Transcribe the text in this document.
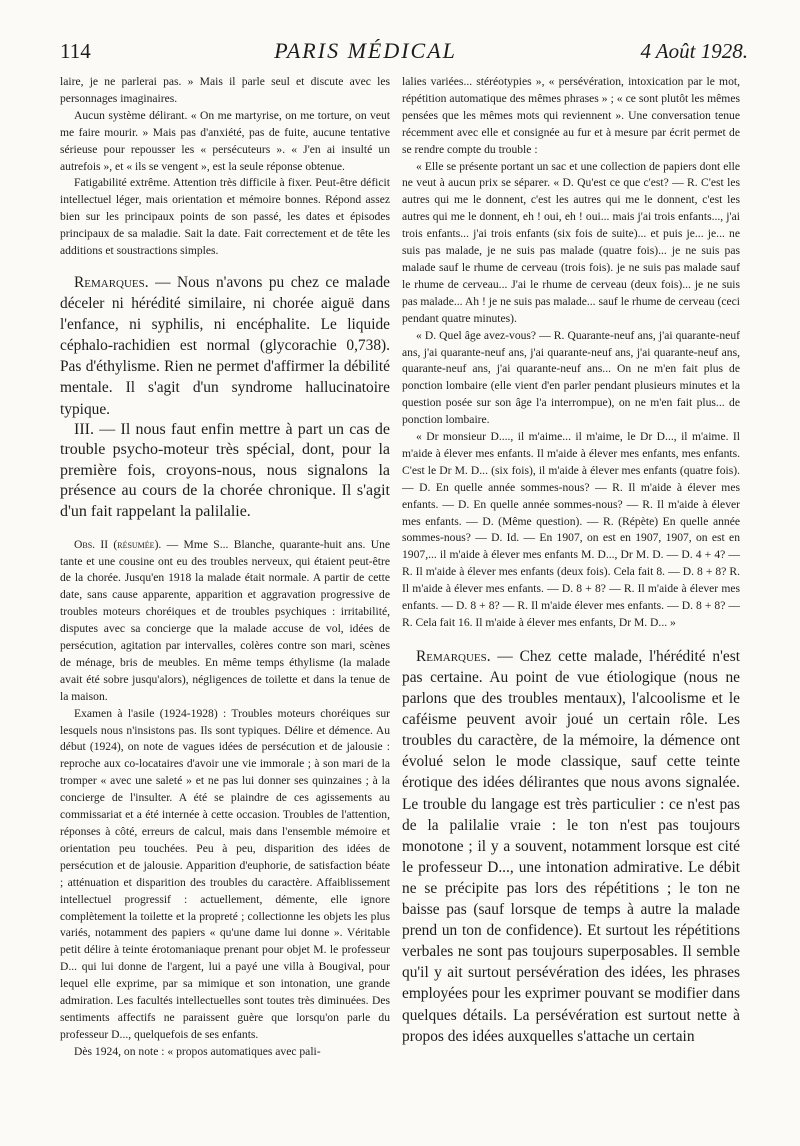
114	PARIS MÉDICAL	4 Août 1928.

laire, je ne parlerai pas. » Mais il parle seul et discute avec les personnages imaginaires.

Aucun système délirant. « On me martyrise, on me torture, on veut me faire mourir. » Mais pas d'anxiété, pas de fuite, aucune tentative sérieuse pour repousser les « persécuteurs ». « J'en ai insulté un autrefois », et « ils se vengent », est la seule réponse obtenue.

Fatigabilité extrême. Attention très difficile à fixer. Peut-être déficit intellectuel léger, mais orientation et mémoire bonnes. Répond assez bien sur les principaux points de son passé, les dates et épisodes principaux de sa maladie. Sait la date. Fait correctement et de tête les additions et soustractions simples.

Remarques. — Nous n'avons pu chez ce malade déceler ni hérédité similaire, ni chorée aiguë dans l'enfance, ni syphilis, ni encéphalite. Le liquide céphalo-rachidien est normal (glycorachie 0,738). Pas d'éthylisme. Rien ne permet d'affirmer la débilité mentale. Il s'agit d'un syndrome hallucinatoire typique.

III. — Il nous faut enfin mettre à part un cas de trouble psycho-moteur très spécial, dont, pour la première fois, croyons-nous, nous signalons la présence au cours de la chorée chronique. Il s'agit d'un fait rappelant la palilalie.

Obs. II (résumée). — Mme S... Blanche, quarante-huit ans. Une tante et une cousine ont eu des troubles nerveux, qui étaient peut-être de la chorée. Jusqu'en 1918 la malade était normale. A partir de cette date, sans cause apparente, apparition et aggravation progressive de troubles moteurs choréiques et de troubles psychiques : irritabilité, disputes avec sa concierge que la malade accuse de vol, idées de persécution, agitation par intervalles, colères contre son mari, scènes de ménage, bris de meubles. En même temps éthylisme (la malade avait été sobre jusqu'alors), négligences de toilette et dans la tenue de la maison.

Examen à l'asile (1924-1928) : Troubles moteurs choréiques sur lesquels nous n'insistons pas. Ils sont typiques. Délire et démence. Au début (1924), on note de vagues idées de persécution et de jalousie : reproche aux co-locataires d'avoir une vie immorale ; à son mari de la tromper « avec une saleté » et ne pas lui donner ses quinzaines ; à la concierge de l'insulter. A été se plaindre de ces agissements au commissariat et a été internée à cette occasion. Troubles de l'attention, réponses à côté, erreurs de calcul, mais dans l'ensemble mémoire et orientation peu touchées. Peu à peu, disparition des idées de persécution et de jalousie. Apparition d'euphorie, de satisfaction béate ; atténuation et disparition des troubles du caractère. Affaiblissement intellectuel progressif : actuellement, démente, elle ignore complètement la toilette et la propreté ; collectionne les objets les plus variés, notamment des papiers « qu'une dame lui donne ». Véritable petit délire à teinte érotomaniaque prenant pour objet M. le professeur D... qui lui donne de l'argent, lui a payé une villa à Bougival, pour lequel elle exprime, par sa mimique et son intonation, une grande admiration. Les facultés intellectuelles sont toutes très diminuées. Des sentiments affectifs ne paraissent guère que lorsqu'on parle du professeur D..., quelquefois de ses enfants.

Dès 1924, on note : « propos automatiques avec pali-

lalies variées... stéréotypies », « persévération, intoxication par le mot, répétition automatique des mêmes phrases » ; « ce sont plutôt les mêmes pensées que les mêmes mots qui reviennent ». Une conversation tenue récemment avec elle et consignée au fur et à mesure par écrit permet de se rendre compte du trouble :

« Elle se présente portant un sac et une collection de papiers dont elle ne veut à aucun prix se séparer. « D. Qu'est ce que c'est? — R. C'est les autres qui me le donnent, c'est les autres qui me le donnent, c'est les autres qui me le donnent, eh ! oui, eh ! oui... mais j'ai trois enfants..., j'ai trois enfants... j'ai trois enfants (six fois de suite)... et puis je... je... ne suis pas malade, je ne suis pas malade (quatre fois)... je ne suis pas malade sauf le rhume de cerveau (trois fois). je ne suis pas malade sauf le rhume de cerveau... J'ai le rhume de cerveau (deux fois)... je ne suis pas malade... Ah ! je ne suis pas malade... sauf le rhume de cerveau (ceci pendant quatre minutes).

« D. Quel âge avez-vous? — R. Quarante-neuf ans, j'ai quarante-neuf ans, j'ai quarante-neuf ans, j'ai quarante-neuf ans, j'ai quarante-neuf ans, quarante-neuf ans, j'ai quarante-neuf ans... On ne m'en fait plus de ponction lombaire (elle vient d'en parler pendant plusieurs minutes et la question posée sur son âge l'a interrompue), on ne m'en fait plus... de ponction lombaire.

« Dr monsieur D...., il m'aime... il m'aime, le Dr D..., il m'aime. Il m'aide à élever mes enfants. Il m'aide à élever mes enfants, mes enfants. C'est le Dr M. D... (six fois), il m'aide à élever mes enfants (quatre fois). — D. En quelle année sommes-nous? — R. Il m'aide à élever mes enfants. — D. En quelle année sommes-nous? — R. Il m'aide à élever mes enfants. — D. (Même question). — R. (Répète) En quelle année sommes-nous? — D. Id. — En 1907, on est en 1907, 1907, on est en 1907,... il m'aide à élever mes enfants M. D..., Dr M. D. — D. 4 + 4? — R. Il m'aide à élever mes enfants (deux fois). Cela fait 8. — D. 8 + 8? R. Il m'aide à élever mes enfants. — D. 8 + 8? — R. Il m'aide à élever mes enfants. — D. 8 + 8? — R. Il m'aide élever mes enfants. — D. 8 + 8? — R. Cela fait 16. Il m'aide à élever mes enfants, Dr M. D... »

Remarques. — Chez cette malade, l'hérédité n'est pas certaine. Au point de vue étiologique (nous ne parlons que des troubles mentaux), l'alcoolisme et le caféisme peuvent avoir joué un certain rôle. Les troubles du caractère, de la mémoire, la démence ont évolué selon le mode classique, sauf cette teinte érotique des idées délirantes que nous avons signalée. Le trouble du langage est très particulier : ce n'est pas de la palilalie vraie : le ton n'est pas toujours monotone ; il y a souvent, notamment lorsque est cité le professeur D..., une intonation admirative. Le débit ne se précipite pas lors des répétitions ; le ton ne baisse pas (sauf lorsque de temps à autre la malade prend un ton de confidence). Et surtout les répétitions verbales ne sont pas toujours superposables. Il semble qu'il y ait surtout persévération des idées, les phrases employées pour les exprimer pouvant se modifier dans quelques détails. La persévération est surtout nette à propos des idées auxquelles s'attache un certain
